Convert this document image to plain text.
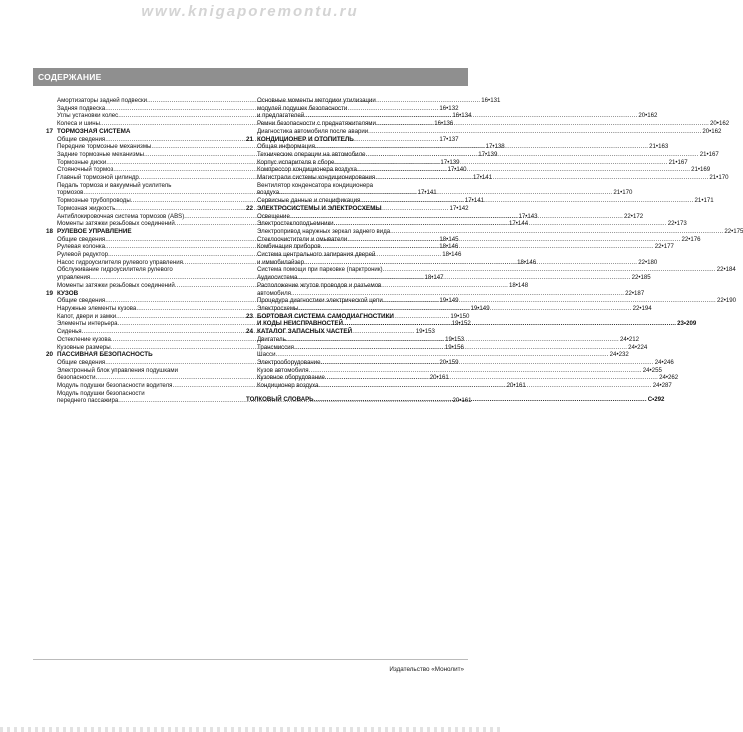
www.knigaporemontu.ru
СОДЕРЖАНИЕ
Амортизаторы задней подвески .....	16•131
Задняя подвеска .....	16•132
Углы установки колес .....	16•134
Колеса и шины .....	16•136
17 ТОРМОЗНАЯ СИСТЕМА
Общие сведения .....	17•137
Передние тормозные механизмы .....	17•138
Задние тормозные механизмы .....	17•139
Тормозные диски .....	17•139
Стояночный тормоз .....	17•140
Главный тормозной цилиндр .....	17•141
Педаль тормоза и вакуумный усилитель
тормозов .....	17•141
Тормозные трубопроводы .....	17•141
Тормозная жидкость .....	17•142
Антиблокировочная система тормозов (ABS) .....	17•143
Моменты затяжки резьбовых соединений .....	17•144
18 РУЛЕВОЕ УПРАВЛЕНИЕ
Общие сведения .....	18•145
Рулевая колонка .....	18•146
Рулевой редуктор .....	18•146
Насос гидроусилителя рулевого управления .....	18•146
Обслуживание гидроусилителя рулевого
управления .....	18•147
Моменты затяжки резьбовых соединений .....	18•148
19 КУЗОВ
Общие сведения .....	19•149
Наружные элементы кузова .....	19•149
Капот, двери и замки .....	19•150
Элементы интерьера .....	19•152
Сиденья .....	19•153
Остекление кузова .....	19•153
Кузовные размеры .....	19•156
20 ПАССИВНАЯ БЕЗОПАСНОСТЬ
Общие сведения .....	20•159
Электронный блок управления подушками
безопасности .....	20•161
Модуль подушки безопасности водителя .....	20•161
Модуль подушки безопасности
переднего пассажира .....	20•161
Основные моменты методики утилизации
модулей подушек безопасности
и предлагателей .....	20•162
Ремни безопасности с преднатяжителями .....	20•162
Диагностика автомобиля после аварии .....	20•162
21 КОНДИЦИОНЕР И ОТОПИТЕЛЬ
Общая информация .....	21•163
Технические операции на автомобиле .....	21•167
Корпус испарителя в сборе .....	21•167
Компрессор кондиционера воздуха .....	21•169
Магистрали системы кондиционирования .....	21•170
Вентилятор конденсатора кондиционера
воздуха .....	21•170
Сервисные данные и спецификация .....	21•171
22 ЭЛЕКТРОСИСТЕМЫ И ЭЛЕКТРОСХЕМЫ
Освещение .....	22•172
Электростеклоподъемники .....	22•173
Электропривод наружных зеркал заднего вида .....	22•175
Стеклоочистители и омыватели .....	22•176
Комбинация приборов .....	22•177
Система центрального запирания дверей
и иммобилайзер .....	22•180
Система помощи при парковке (парктроник) .....	22•184
Аудиосистема .....	22•185
Расположение жгутов проводов и разъемов
автомобиля .....	22•187
Процедура диагностики электрической цепи .....	22•190
Электросхемы .....	22•194
23 БОРТОВАЯ СИСТЕМА САМОДИАГНОСТИКИ
И КОДЫ НЕИСПРАВНОСТЕЙ .....	23•209
24 КАТАЛОГ ЗАПАСНЫХ ЧАСТЕЙ
Двигатель .....	24•212
Трансмиссия .....	24•224
Шасси .....	24•232
Электрооборудование .....	24•246
Кузов автомобиля .....	24•255
Кузовное оборудование .....	24•262
Кондиционер воздуха .....	24•287
ТОЛКОВЫЙ СЛОВАРЬ .....	С•292
Издательство «Монолит»
